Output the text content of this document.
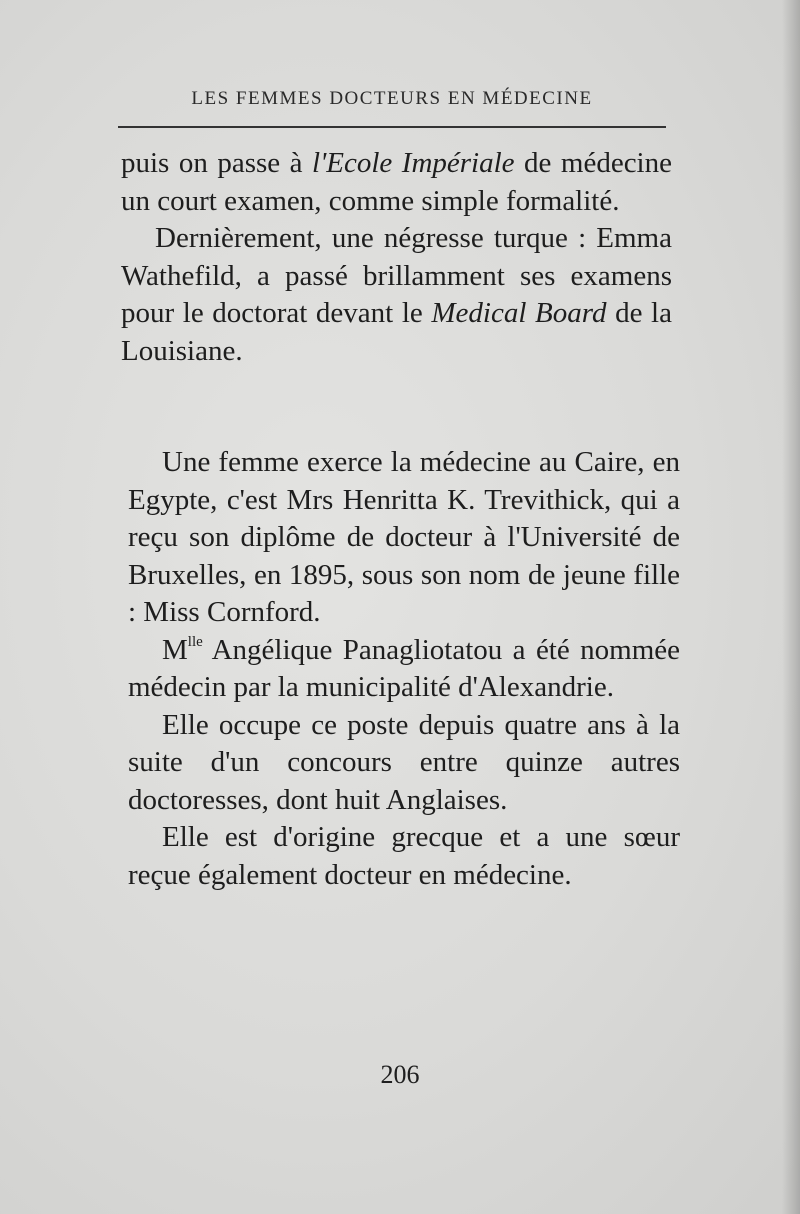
LES FEMMES DOCTEURS EN MÉDECINE

puis on passe à l'Ecole Impériale de médecine un court examen, comme simple formalité.

Dernièrement, une négresse turque : Emma Wathefild, a passé brillamment ses examens pour le doctorat devant le Medical Board de la Louisiane.

Une femme exerce la médecine au Caire, en Egypte, c'est Mrs Henritta K. Trevithick, qui a reçu son diplôme de docteur à l'Université de Bruxelles, en 1895, sous son nom de jeune fille : Miss Cornford.

$M^{lle}$ Angélique Panagliotatou a été nommée médecin par la municipalité d'Alexandrie.

Elle occupe ce poste depuis quatre ans à la suite d'un concours entre quinze autres doctoresses, dont huit Anglaises.

Elle est d'origine grecque et a une sœur reçue également docteur en médecine.

206
